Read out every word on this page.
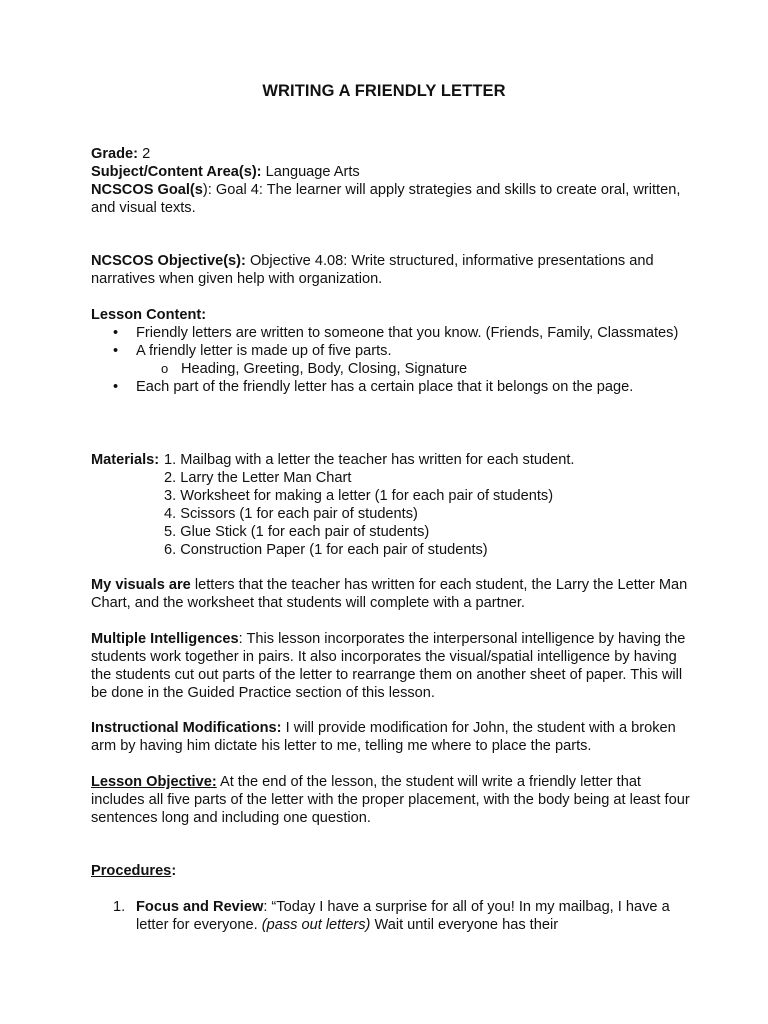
WRITING A FRIENDLY LETTER

Grade: 2

Subject/Content Area(s): Language Arts

NCSCOS Goal(s): Goal 4: The learner will apply strategies and skills to create oral, written, and visual texts.

NCSCOS Objective(s): Objective 4.08: Write structured, informative presentations and narratives when given help with organization.

Lesson Content:

• Friendly letters are written to someone that you know. (Friends, Family, Classmates)
• A friendly letter is made up of five parts.
o Heading, Greeting, Body, Closing, Signature
• Each part of the friendly letter has a certain place that it belongs on the page.
Materials: 1. Mailbag with a letter the teacher has written for each student.
2. Larry the Letter Man Chart
3. Worksheet for making a letter (1 for each pair of students)
4. Scissors (1 for each pair of students)
5. Glue Stick (1 for each pair of students)
6. Construction Paper (1 for each pair of students)

My visuals are letters that the teacher has written for each student, the Larry the Letter Man Chart, and the worksheet that students will complete with a partner.

Multiple Intelligences: This lesson incorporates the interpersonal intelligence by having the students work together in pairs. It also incorporates the visual/spatial intelligence by having the students cut out parts of the letter to rearrange them on another sheet of paper. This will be done in the Guided Practice section of this lesson.

Instructional Modifications: I will provide modification for John, the student with a broken arm by having him dictate his letter to me, telling me where to place the parts.

Lesson Objective: At the end of the lesson, the student will write a friendly letter that includes all five parts of the letter with the proper placement, with the body being at least four sentences long and including one question.

Procedures:

1. Focus and Review: “Today I have a surprise for all of you! In my mailbag, I have a letter for everyone. (pass out letters) Wait until everyone has their
